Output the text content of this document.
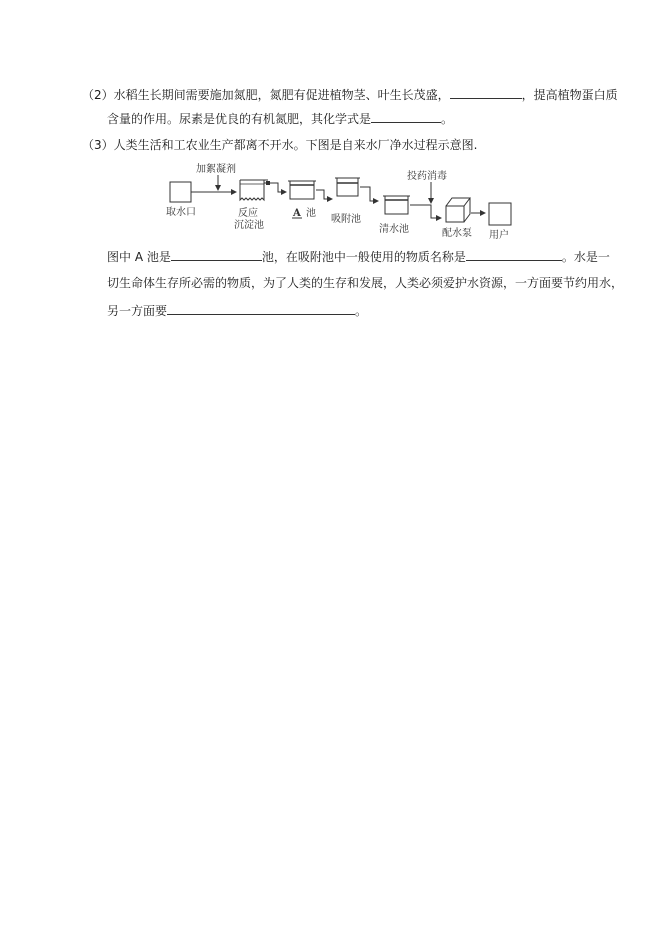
（2）水稻生长期间需要施加氮肥，氮肥有促进植物茎、叶生长茂盛，	，提高植物蛋白质
含量的作用。尿素是优良的有机氮肥，其化学式是	。
（3）人类生活和工农业生产都离不开水。下图是自来水厂净水过程示意图.
加絮凝剂
投药消毒
取水口	反应
沉淀池
A 池
吸附池
清水池	配水泵 用户
图中 A 池是	池，在吸附池中一般使用的物质名称是	。水是一
切生命体生存所必需的物质，为了人类的生存和发展，人类必须爱护水资源，一方面要节约用水，
另一方面要	。
